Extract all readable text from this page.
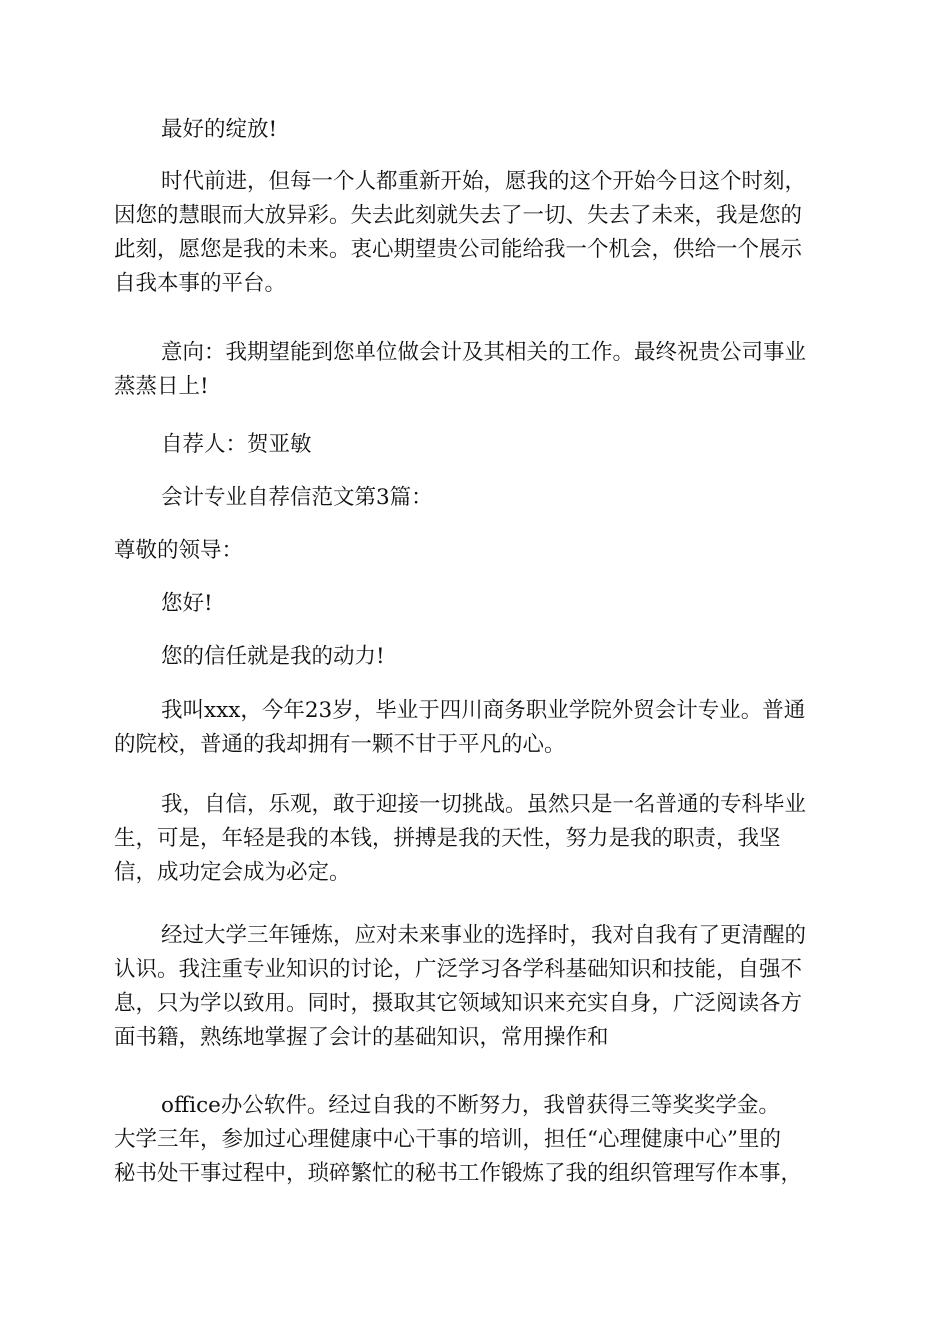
最好的绽放!
时代前进，但每一个人都重新开始，愿我的这个开始今日这个时刻，
因您的慧眼而大放异彩。失去此刻就失去了一切、失去了未来，我是您的
此刻，愿您是我的未来。衷心期望贵公司能给我一个机会，供给一个展示
自我本事的平台。
意向：我期望能到您单位做会计及其相关的工作。最终祝贵公司事业
蒸蒸日上!
自荐人：贺亚敏
会计专业自荐信范文第3篇：
尊敬的领导：
您好!
您的信任就是我的动力!
我叫xxx，今年23岁，毕业于四川商务职业学院外贸会计专业。普通
的院校，普通的我却拥有一颗不甘于平凡的心。
我，自信，乐观，敢于迎接一切挑战。虽然只是一名普通的专科毕业
生，可是，年轻是我的本钱，拼搏是我的天性，努力是我的职责，我坚
信，成功定会成为必定。
经过大学三年锤炼，应对未来事业的选择时，我对自我有了更清醒的
认识。我注重专业知识的讨论，广泛学习各学科基础知识和技能，自强不
息，只为学以致用。同时，摄取其它领域知识来充实自身，广泛阅读各方
面书籍，熟练地掌握了会计的基础知识，常用操作和
office办公软件。经过自我的不断努力，我曾获得三等奖奖学金。
大学三年，参加过心理健康中心干事的培训，担任“心理健康中心”里的
秘书处干事过程中，琐碎繁忙的秘书工作锻炼了我的组织管理写作本事，
